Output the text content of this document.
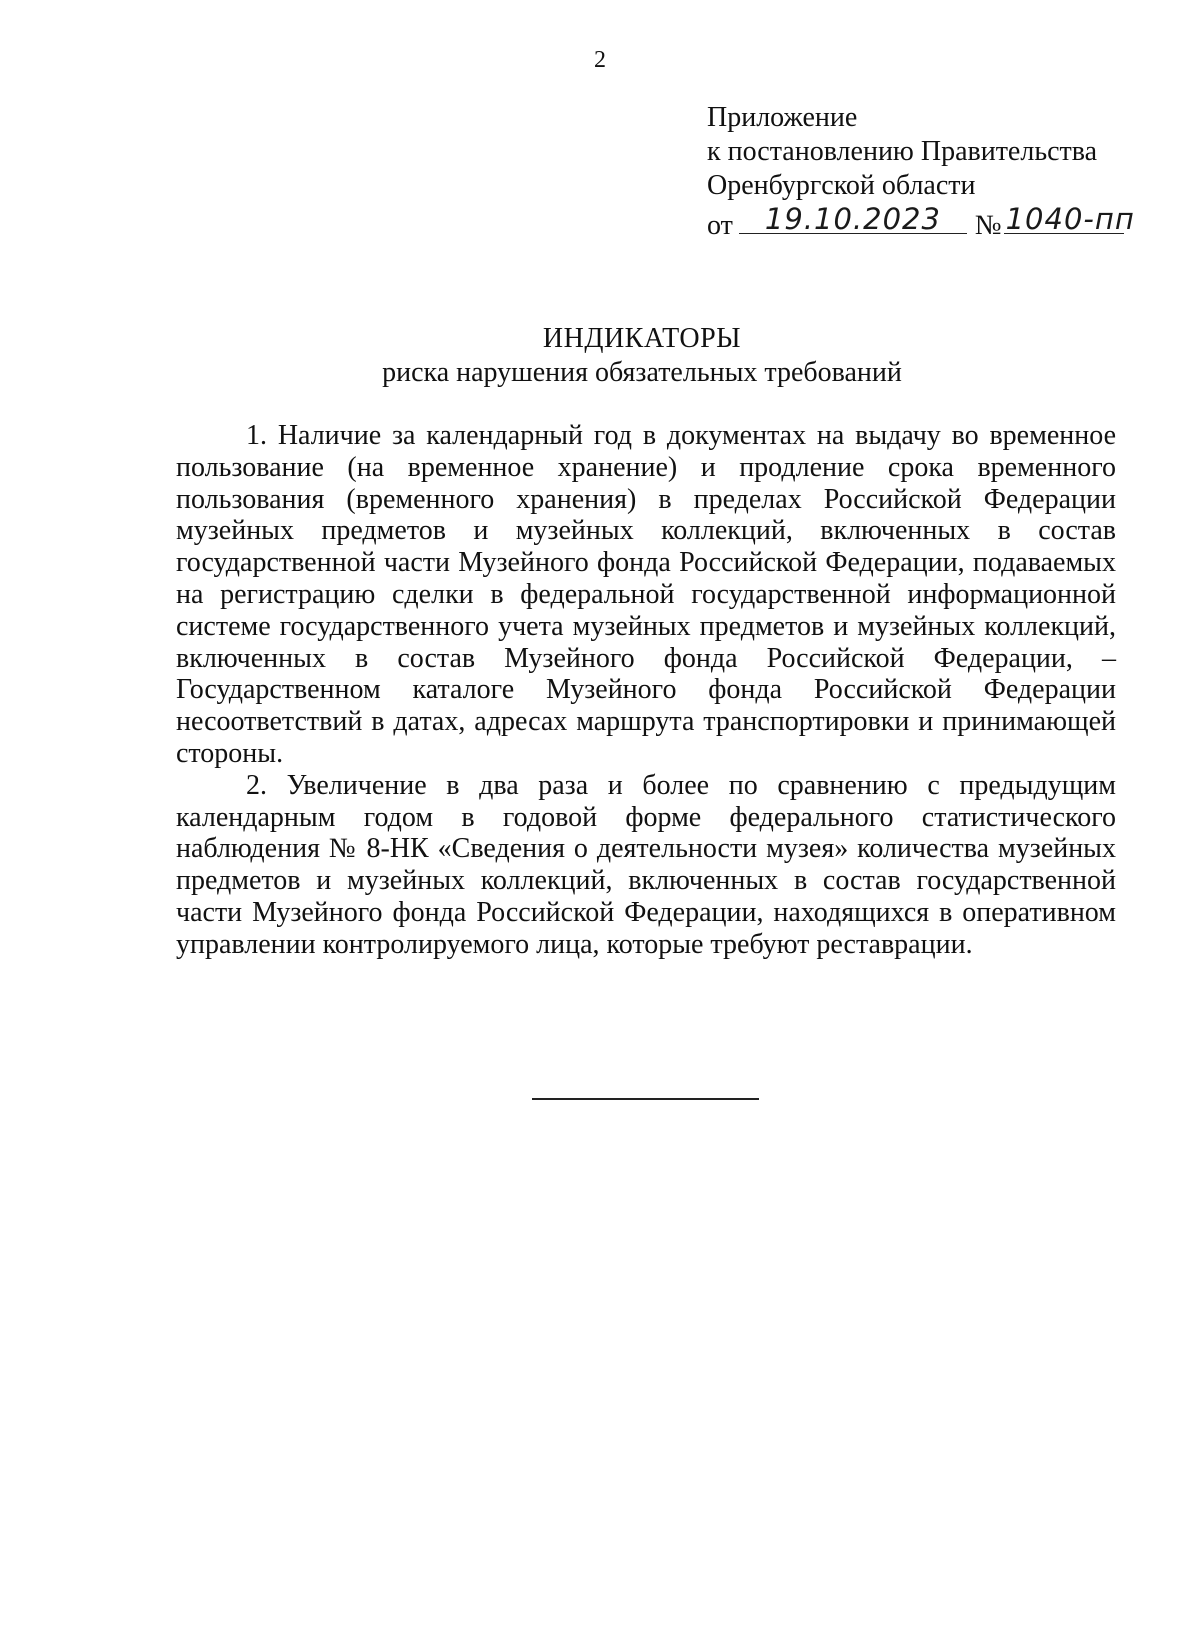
2
Приложение
к постановлению Правительства
Оренбургской области
от 19.10.2023 № 1040-пп
ИНДИКАТОРЫ
риска нарушения обязательных требований

1. Наличие за календарный год в документах на выдачу во временное пользование (на временное хранение) и продление срока временного пользования (временного хранения) в пределах Российской Федерации музейных предметов и музейных коллекций, включенных в состав государственной части Музейного фонда Российской Федерации, подаваемых на регистрацию сделки в федеральной государственной информационной системе государственного учета музейных предметов и музейных коллекций, включенных в состав Музейного фонда Российской Федерации, – Государственном каталоге Музейного фонда Российской Федерации несоответствий в датах, адресах маршрута транспортировки и принимающей стороны.

2. Увеличение в два раза и более по сравнению с предыдущим календарным годом в годовой форме федерального статистического наблюдения № 8-НК «Сведения о деятельности музея» количества музейных предметов и музейных коллекций, включенных в состав государственной части Музейного фонда Российской Федерации, находящихся в оперативном управлении контролируемого лица, которые требуют реставрации.
